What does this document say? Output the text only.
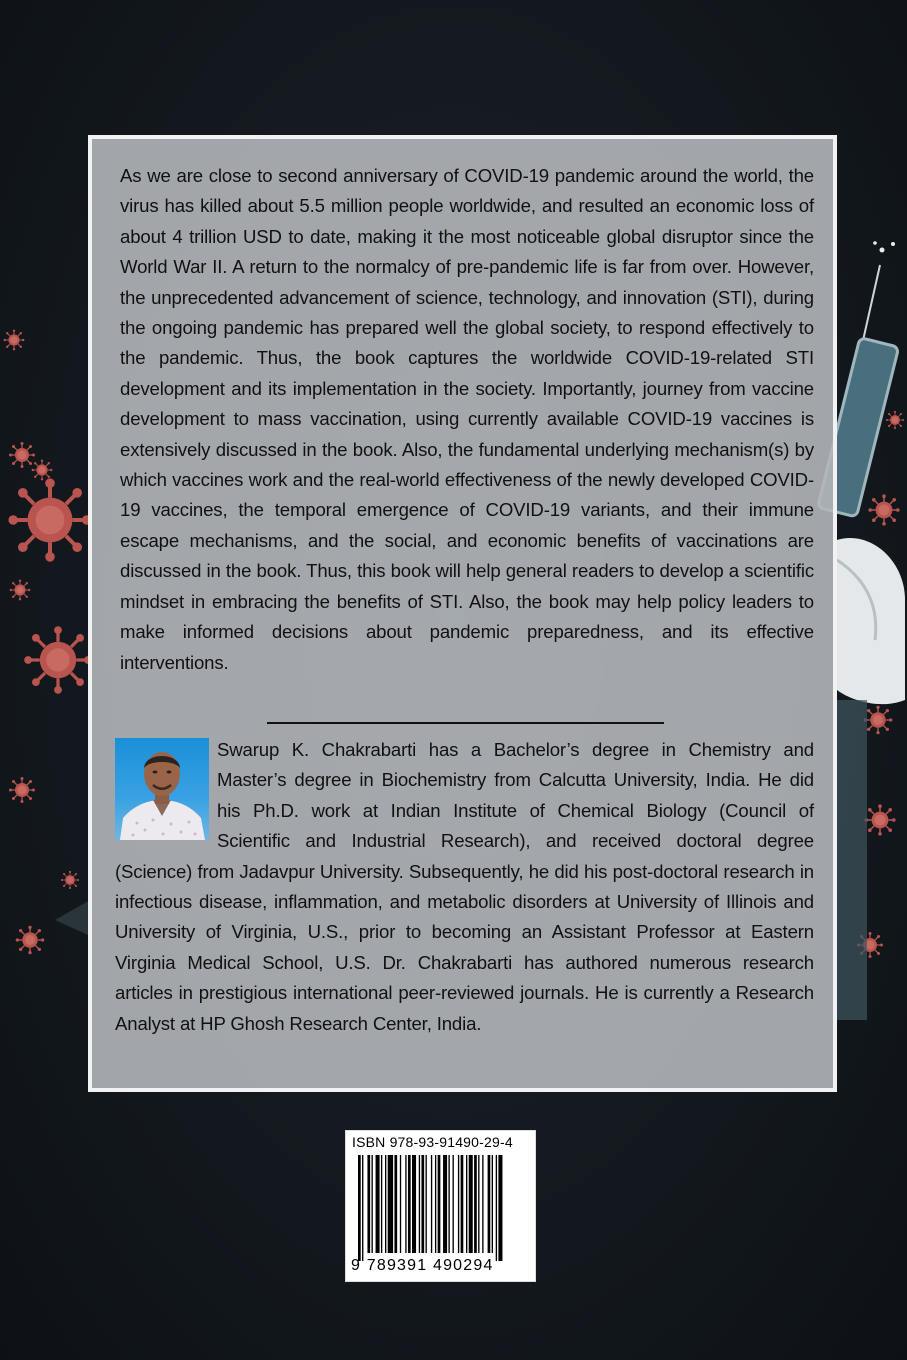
As we are close to second anniversary of COVID-19 pandemic around the world, the virus has killed about 5.5 million people worldwide, and resulted an economic loss of about 4 trillion USD to date, making it the most noticeable global disruptor since the World War II. A return to the normalcy of pre-pandemic life is far from over. However, the unprecedented advancement of science, technology, and innovation (STI), during the ongoing pandemic has prepared well the global society, to respond effectively to the pandemic. Thus, the book captures the worldwide COVID-19-related STI development and its implementation in the society. Importantly, journey from vaccine development to mass vaccination, using currently available COVID-19 vaccines is extensively discussed in the book. Also, the fundamental underlying mechanism(s) by which vaccines work and the real-world effectiveness of the newly developed COVID-19 vaccines, the temporal emergence of COVID-19 variants, and their immune escape mechanisms, and the social, and economic benefits of vaccinations are discussed in the book. Thus, this book will help general readers to develop a scientific mindset in embracing the benefits of STI. Also, the book may help policy leaders to make informed decisions about pandemic preparedness, and its effective interventions.

Swarup K. Chakrabarti has a Bachelor’s degree in Chemistry and Master’s degree in Biochemistry from Calcutta University, India. He did his Ph.D. work at Indian Institute of Chemical Biology (Council of Scientific and Industrial Research), and received doctoral degree (Science) from Jadavpur University. Subsequently, he did his post-doctoral research in infectious disease, inflammation, and metabolic disorders at University of Illinois and University of Virginia, U.S., prior to becoming an Assistant Professor at Eastern Virginia Medical School, U.S. Dr. Chakrabarti has authored numerous research articles in prestigious international peer-reviewed journals. He is currently a Research Analyst at HP Ghosh Research Center, India.

ISBN 978-93-91490-29-4
9 789391 490294
